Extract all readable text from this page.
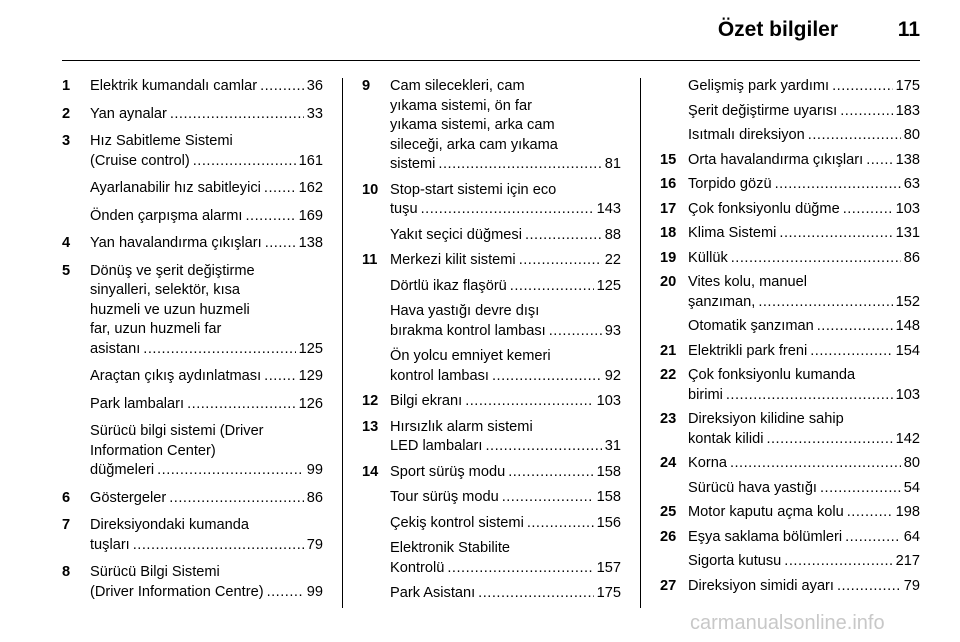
Özet bilgiler	11
1 Elektrik kumandalı camlar .....	36
2 Yan aynalar .....	33
3 Hız Sabitleme Sistemi
(Cruise control) .....	161
Ayarlanabilir hız sabitleyici .....	162
Önden çarpışma alarmı .....	169
4 Yan havalandırma çıkışları .....	138
5 Dönüş ve şerit değiştirme
sinyalleri, selektör, kısa
huzmeli ve uzun huzmeli
far, uzun huzmeli far
asistanı .....	125
Araçtan çıkış aydınlatması .....	129
Park lambaları .....	126
Sürücü bilgi sistemi (Driver
Information Center)
düğmeleri .....	99
6 Göstergeler .....	86
7 Direksiyondaki kumanda
tuşları .....	79
8 Sürücü Bilgi Sistemi
(Driver Information Centre) .....	99
9 Cam silecekleri, cam
yıkama sistemi, ön far
yıkama sistemi, arka cam
sileceği, arka cam yıkama
sistemi .....	81
10 Stop-start sistemi için eco
tuşu .....	143
Yakıt seçici düğmesi .....	88
11 Merkezi kilit sistemi .....	22
Dörtlü ikaz flaşörü .....	125
Hava yastığı devre dışı
bırakma kontrol lambası .....	93
Ön yolcu emniyet kemeri
kontrol lambası .....	92
12 Bilgi ekranı .....	103
13 Hırsızlık alarm sistemi
LED lambaları .....	31
14 Sport sürüş modu .....	158
Tour sürüş modu .....	158
Çekiş kontrol sistemi .....	156
Elektronik Stabilite
Kontrolü .....	157
Park Asistanı .....	175
Gelişmiş park yardımı .....	175
Şerit değiştirme uyarısı .....	183
Isıtmalı direksiyon .....	80
15 Orta havalandırma çıkışları ..... 138
16 Torpido gözü .....	63
17 Çok fonksiyonlu düğme .....	103
18 Klima Sistemi .....	131
19 Küllük .....	86
20 Vites kolu, manuel
şanzıman, .....	152
Otomatik şanzıman .....	148
21 Elektrikli park freni .....	154
22 Çok fonksiyonlu kumanda
birimi .....	103
23 Direksiyon kilidine sahip
kontak kilidi .....	142
24 Korna .....	80
Sürücü hava yastığı .....	54
25 Motor kaputu açma kolu .....	198
26 Eşya saklama bölümleri .....	64
Sigorta kutusu .....	217
27 Direksiyon simidi ayarı .....	79
carmanualsonline.info
